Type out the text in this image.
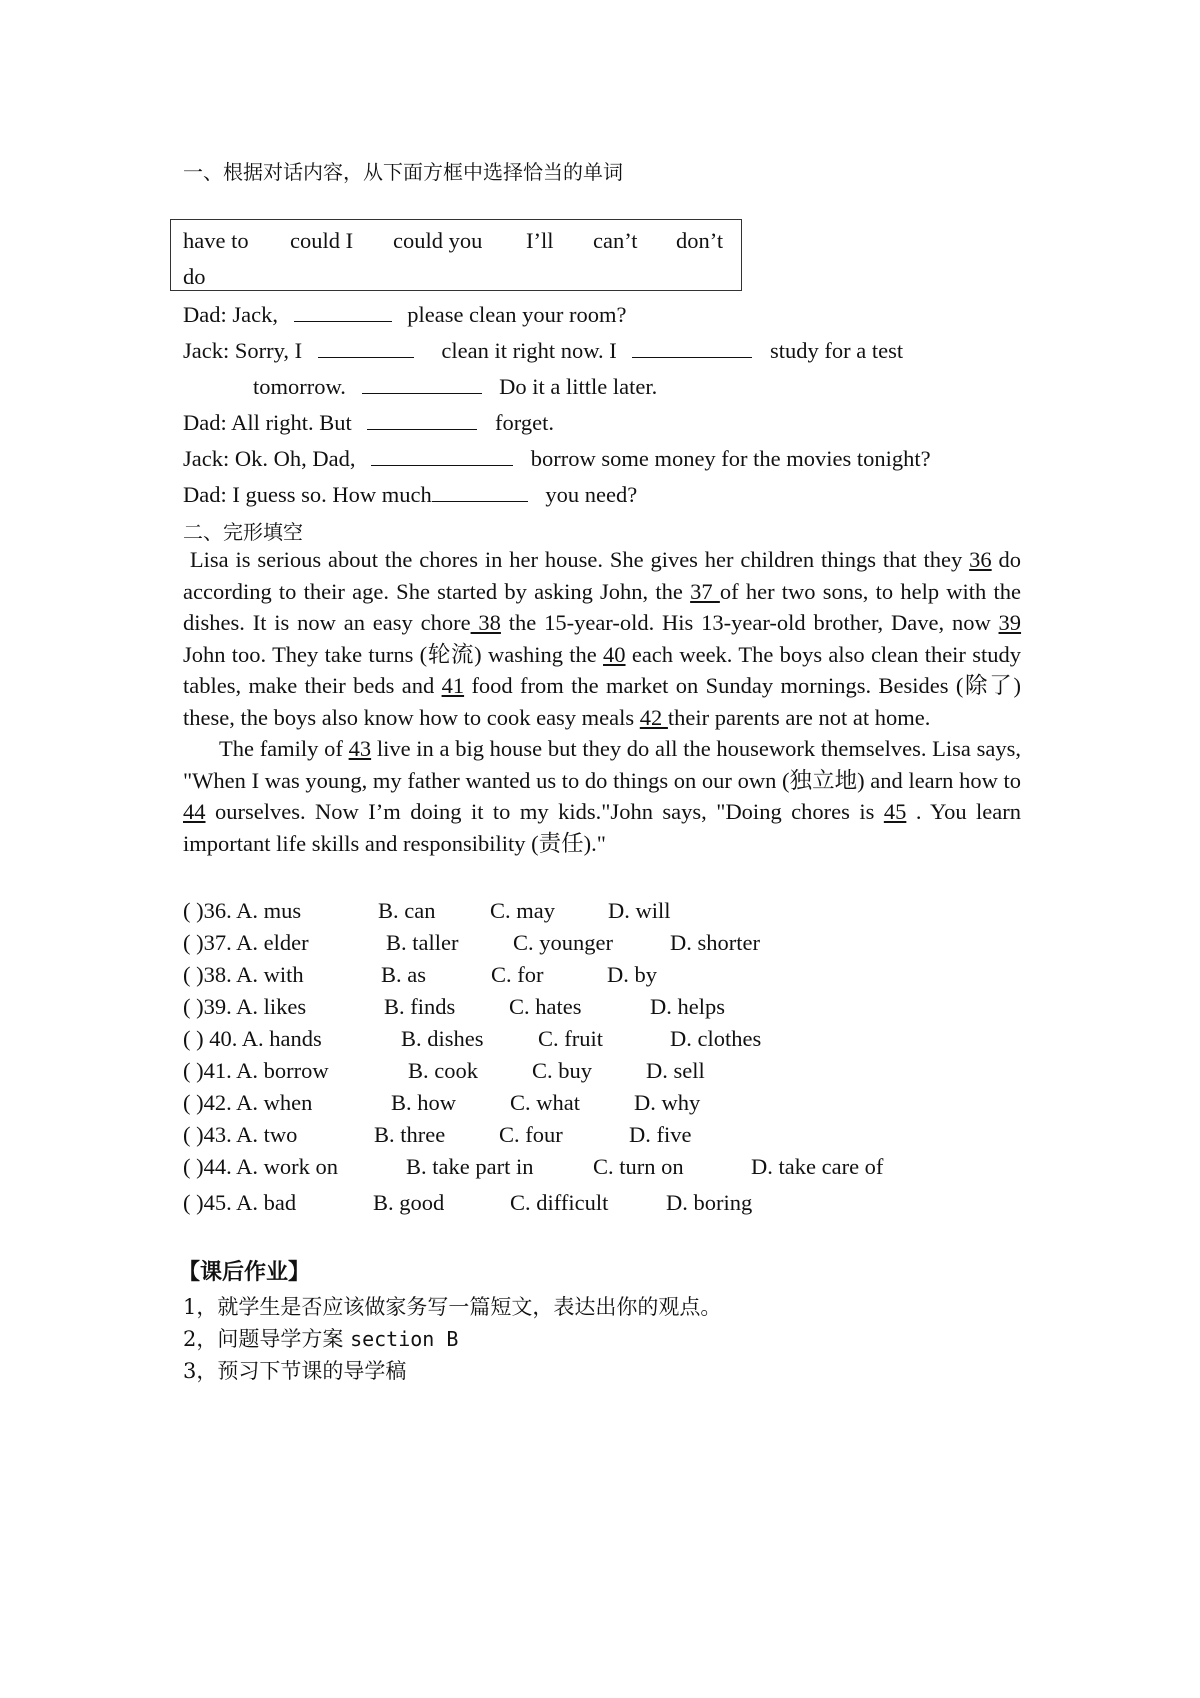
一、根据对话内容，从下面方框中选择恰当的单词
have to could I could you I’ll can’t don’t
do
Dad: Jack,	please clean your room?
Jack: Sorry, I	clean it right now. I	study for a test
tomorrow.	Do it a little later.
Dad: All right. But	forget.
Jack: Ok. Oh, Dad,	borrow some money for the movies tonight?
Dad: I guess so. How much	you need?
二、完形填空

Lisa is serious about the chores in her house. She gives her children things that they 36 do according to their age. She started by asking John, the 37 of her two sons, to help with the dishes. It is now an easy chore 38 the 15-year-old. His 13-year-old brother, Dave, now 39 John too. They take turns (轮流) washing the 40 each week. The boys also clean their study tables, make their beds and 41 food from the market on Sunday mornings. Besides (除了) these, the boys also know how to cook easy meals 42 their parents are not at home.

The family of 43 live in a big house but they do all the housework themselves. Lisa says, "When I was young, my father wanted us to do things on our own (独立地) and learn how to 44 ourselves. Now I’m doing it to my kids."John says, "Doing chores is 45 . You learn important life skills and responsibility (责任)."

( )36. A. mus	B. can C. may D. will
( )37. A. elder	B. taller C. younger	D. shorter
( )38. A. with	B. as	C. for	D. by
( )39. A. likes	B. finds C. hates	D. helps
( ) 40. A. hands	B. dishes C. fruit	D. clothes
( )41. A. borrow	B. cook C. buy D. sell
( )42. A. when	B. how C. what D. why
( )43. A. two	B. three C. four	D. five
( )44. A. work on	B. take part in	C. turn on	D. take care of
( )45. A. bad	B. good	C. difficult	D. boring
【课后作业】
1，就学生是否应该做家务写一篇短文，表达出你的观点。
2，问题导学方案 section B
3，预习下节课的导学稿
